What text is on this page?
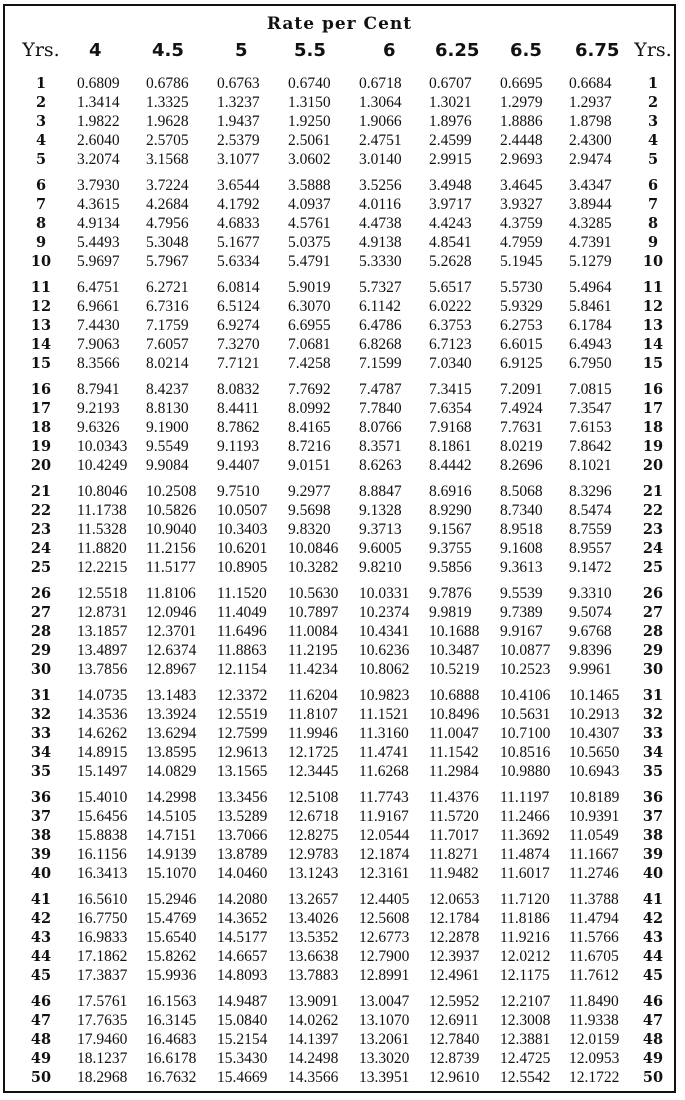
Rate per Cent
Yrs.	4	4.5	5	5.5	6	6.25	6.5	6.75	Yrs.

1	0.6809	0.6786	0.6763	0.6740	0.6718	0.6707	0.6695	0.6684	1
2	1.3414	1.3325	1.3237	1.3150	1.3064	1.3021	1.2979	1.2937	2
3	1.9822	1.9628	1.9437	1.9250	1.9066	1.8976	1.8886	1.8798	3
4	2.6040	2.5705	2.5379	2.5061	2.4751	2.4599	2.4448	2.4300	4
5	3.2074	3.1568	3.1077	3.0602	3.0140	2.9915	2.9693	2.9474	5

6	3.7930	3.7224	3.6544	3.5888	3.5256	3.4948	3.4645	3.4347	6
7	4.3615	4.2684	4.1792	4.0937	4.0116	3.9717	3.9327	3.8944	7
8	4.9134	4.7956	4.6833	4.5761	4.4738	4.4243	4.3759	4.3285	8
9	5.4493	5.3048	5.1677	5.0375	4.9138	4.8541	4.7959	4.7391	9
10	5.9697	5.7967	5.6334	5.4791	5.3330	5.2628	5.1945	5.1279	10

11	6.4751	6.2721	6.0814	5.9019	5.7327	5.6517	5.5730	5.4964	11
12	6.9661	6.7316	6.5124	6.3070	6.1142	6.0222	5.9329	5.8461	12
13	7.4430	7.1759	6.9274	6.6955	6.4786	6.3753	6.2753	6.1784	13
14	7.9063	7.6057	7.3270	7.0681	6.8268	6.7123	6.6015	6.4943	14
15	8.3566	8.0214	7.7121	7.4258	7.1599	7.0340	6.9125	6.7950	15

16	8.7941	8.4237	8.0832	7.7692	7.4787	7.3415	7.2091	7.0815	16
17	9.2193	8.8130	8.4411	8.0992	7.7840	7.6354	7.4924	7.3547	17
18	9.6326	9.1900	8.7862	8.4165	8.0766	7.9168	7.7631	7.6153	18
19	10.0343	9.5549	9.1193	8.7216	8.3571	8.1861	8.0219	7.8642	19
20	10.4249	9.9084	9.4407	9.0151	8.6263	8.4442	8.2696	8.1021	20

21	10.8046	10.2508	9.7510	9.2977	8.8847	8.6916	8.5068	8.3296	21
22	11.1738	10.5826	10.0507	9.5698	9.1328	8.9290	8.7340	8.5474	22
23	11.5328	10.9040	10.3403	9.8320	9.3713	9.1567	8.9518	8.7559	23
24	11.8820	11.2156	10.6201	10.0846	9.6005	9.3755	9.1608	8.9557	24
25	12.2215	11.5177	10.8905	10.3282	9.8210	9.5856	9.3613	9.1472	25

26	12.5518	11.8106	11.1520	10.5630	10.0331	9.7876	9.5539	9.3310	26
27	12.8731	12.0946	11.4049	10.7897	10.2374	9.9819	9.7389	9.5074	27
28	13.1857	12.3701	11.6496	11.0084	10.4341	10.1688	9.9167	9.6768	28
29	13.4897	12.6374	11.8863	11.2195	10.6236	10.3487	10.0877	9.8396	29
30	13.7856	12.8967	12.1154	11.4234	10.8062	10.5219	10.2523	9.9961	30

31	14.0735	13.1483	12.3372	11.6204	10.9823	10.6888	10.4106	10.1465	31
32	14.3536	13.3924	12.5519	11.8107	11.1521	10.8496	10.5631	10.2913	32
33	14.6262	13.6294	12.7599	11.9946	11.3160	11.0047	10.7100	10.4307	33
34	14.8915	13.8595	12.9613	12.1725	11.4741	11.1542	10.8516	10.5650	34
35	15.1497	14.0829	13.1565	12.3445	11.6268	11.2984	10.9880	10.6943	35

36	15.4010	14.2998	13.3456	12.5108	11.7743	11.4376	11.1197	10.8189	36
37	15.6456	14.5105	13.5289	12.6718	11.9167	11.5720	11.2466	10.9391	37
38	15.8838	14.7151	13.7066	12.8275	12.0544	11.7017	11.3692	11.0549	38
39	16.1156	14.9139	13.8789	12.9783	12.1874	11.8271	11.4874	11.1667	39
40	16.3413	15.1070	14.0460	13.1243	12.3161	11.9482	11.6017	11.2746	40

41	16.5610	15.2946	14.2080	13.2657	12.4405	12.0653	11.7120	11.3788	41
42	16.7750	15.4769	14.3652	13.4026	12.5608	12.1784	11.8186	11.4794	42
43	16.9833	15.6540	14.5177	13.5352	12.6773	12.2878	11.9216	11.5766	43
44	17.1862	15.8262	14.6657	13.6638	12.7900	12.3937	12.0212	11.6705	44
45	17.3837	15.9936	14.8093	13.7883	12.8991	12.4961	12.1175	11.7612	45

46	17.5761	16.1563	14.9487	13.9091	13.0047	12.5952	12.2107	11.8490	46
47	17.7635	16.3145	15.0840	14.0262	13.1070	12.6911	12.3008	11.9338	47
48	17.9460	16.4683	15.2154	14.1397	13.2061	12.7840	12.3881	12.0159	48
49	18.1237	16.6178	15.3430	14.2498	13.3020	12.8739	12.4725	12.0953	49
50	18.2968	16.7632	15.4669	14.3566	13.3951	12.9610	12.5542	12.1722	50
